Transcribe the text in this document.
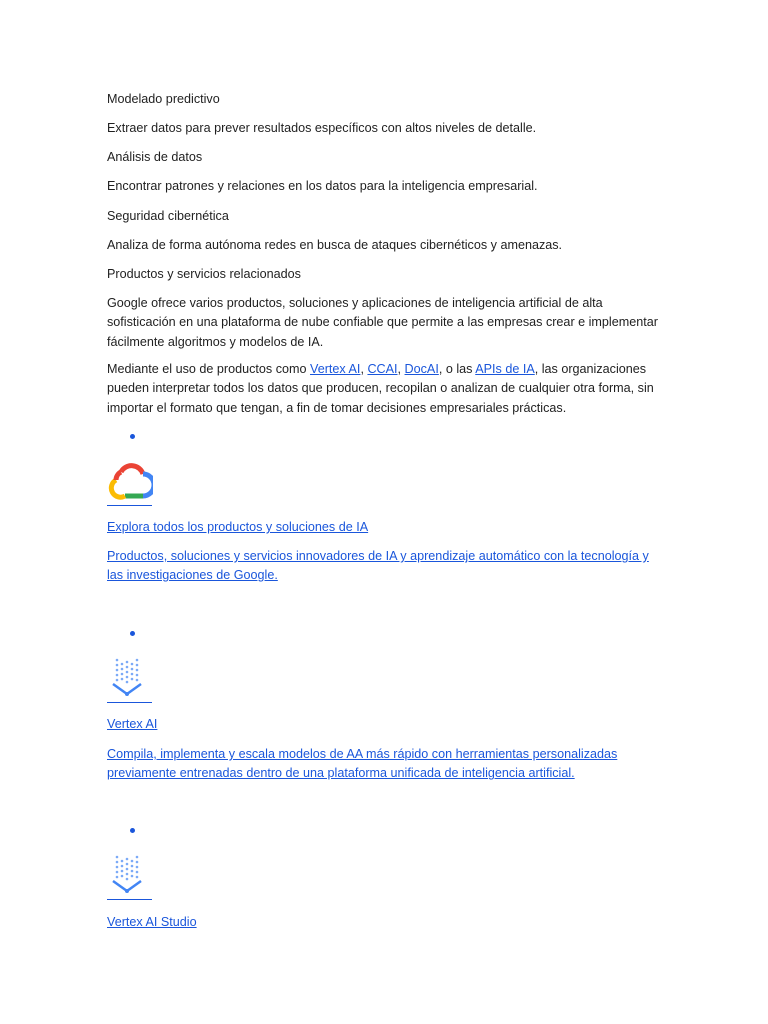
Modelado predictivo

Extraer datos para prever resultados específicos con altos niveles de detalle.

Análisis de datos

Encontrar patrones y relaciones en los datos para la inteligencia empresarial.

Seguridad cibernética

Analiza de forma autónoma redes en busca de ataques cibernéticos y amenazas.

Productos y servicios relacionados

Google ofrece varios productos, soluciones y aplicaciones de inteligencia artificial de alta sofisticación en una plataforma de nube confiable que permite a las empresas crear e implementar fácilmente algoritmos y modelos de IA.

Mediante el uso de productos como Vertex AI, CCAI, DocAI, o las APIs de IA, las organizaciones pueden interpretar todos los datos que producen, recopilan o analizan de cualquier otra forma, sin importar el formato que tengan, a fin de tomar decisiones empresariales prácticas.

Explora todos los productos y soluciones de IA

Productos, soluciones y servicios innovadores de IA y aprendizaje automático con la tecnología y las investigaciones de Google.

Vertex AI

Compila, implementa y escala modelos de AA más rápido con herramientas personalizadas previamente entrenadas dentro de una plataforma unificada de inteligencia artificial.

Vertex AI Studio
